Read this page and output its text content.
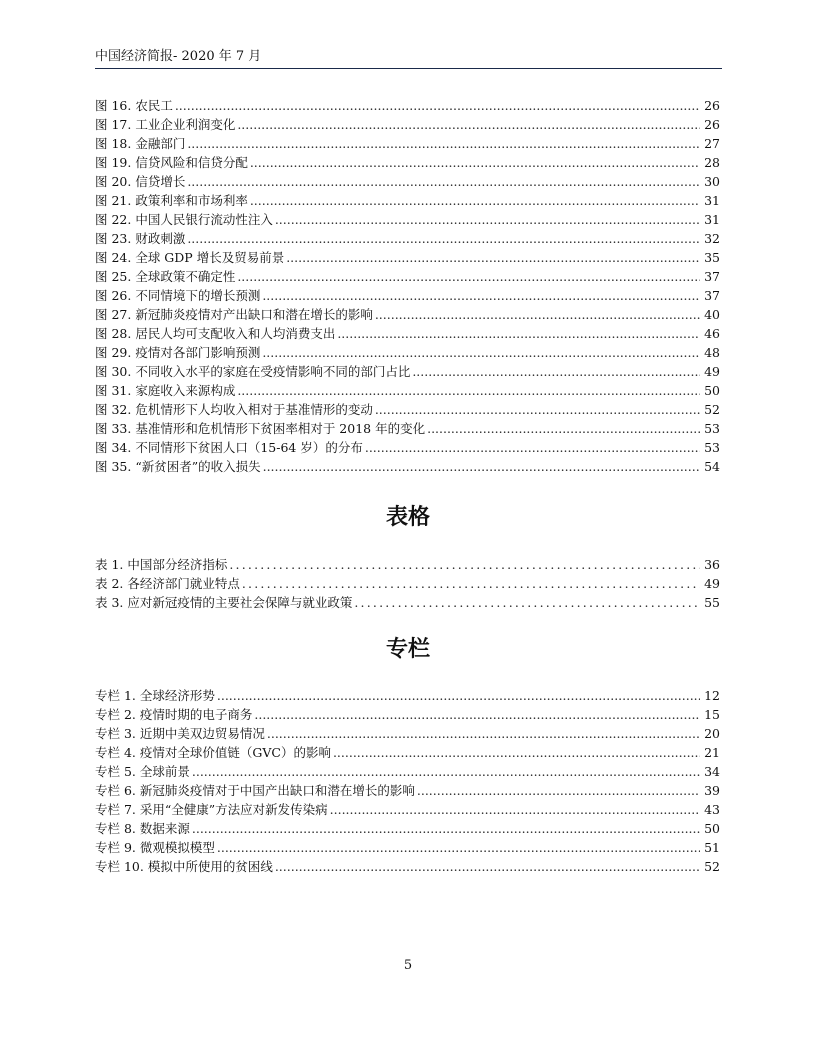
中国经济简报- 2020 年 7 月
图 16. 农民工 .....	26
图 17. 工业企业利润变化 .....	26
图 18. 金融部门 .....	27
图 19. 信贷风险和信贷分配 .....	28
图 20. 信贷增长 .....	30
图 21. 政策利率和市场利率 .....	31
图 22. 中国人民银行流动性注入 .....	31
图 23. 财政刺激 .....	32
图 24. 全球 GDP 增长及贸易前景 .....	35
图 25. 全球政策不确定性 .....	37
图 26. 不同情境下的增长预测 .....	37
图 27. 新冠肺炎疫情对产出缺口和潜在增长的影响 .....	40
图 28. 居民人均可支配收入和人均消费支出 .....	46
图 29. 疫情对各部门影响预测 .....	48
图 30. 不同收入水平的家庭在受疫情影响不同的部门占比 .....	49
图 31. 家庭收入来源构成 .....	50
图 32. 危机情形下人均收入相对于基准情形的变动 .....	52
图 33. 基准情形和危机情形下贫困率相对于 2018 年的变化 .....	53
图 34. 不同情形下贫困人口（15-64 岁）的分布 .....	53
图 35. “新贫困者”的收入损失 .....	54
表格
表 1. 中国部分经济指标 .....	36
表 2. 各经济部门就业特点 .....	49
表 3. 应对新冠疫情的主要社会保障与就业政策 .....	55
专栏
专栏 1. 全球经济形势 .....	12
专栏 2. 疫情时期的电子商务 .....	15
专栏 3. 近期中美双边贸易情况 .....	20
专栏 4. 疫情对全球价值链（GVC）的影响 .....	21
专栏 5. 全球前景 .....	34
专栏 6. 新冠肺炎疫情对于中国产出缺口和潜在增长的影响 .....	39
专栏 7. 采用“全健康”方法应对新发传染病 .....	43
专栏 8. 数据来源 .....	50
专栏 9. 微观模拟模型 .....	51
专栏 10. 模拟中所使用的贫困线 .....	52
5
